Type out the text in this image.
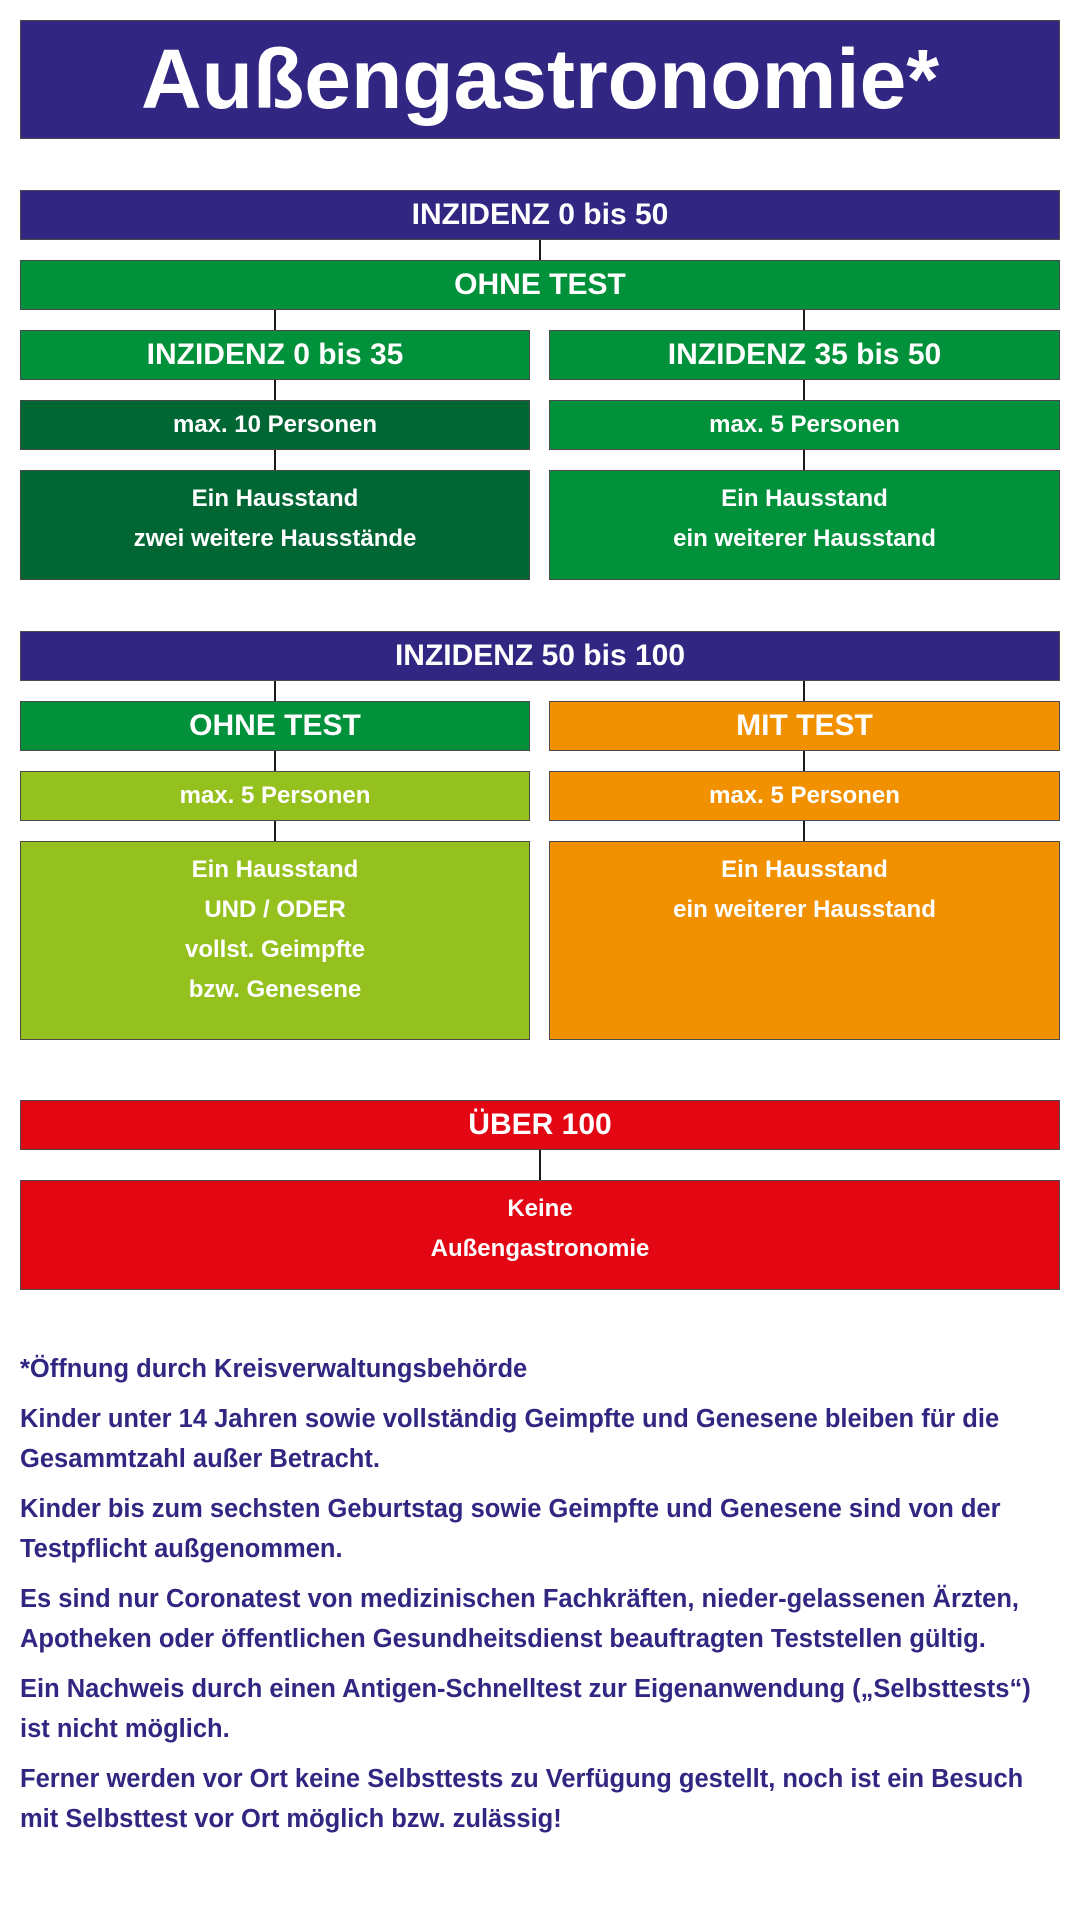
Außengastronomie*
INZIDENZ 0 bis 50
OHNE TEST
INZIDENZ 0 bis 35	INZIDENZ 35 bis 50
max. 10 Personen	max. 5 Personen
Ein Hausstand
zwei weitere Hausstände
Ein Hausstand
ein weiterer Hausstand
INZIDENZ 50 bis 100
OHNE TEST	MIT TEST
max. 5 Personen	max. 5 Personen
Ein Hausstand
UND / ODER
vollst. Geimpfte
bzw. Genesene
Ein Hausstand
ein weiterer Hausstand
ÜBER 100
Keine
Außengastronomie

*Öffnung durch Kreisverwaltungsbehörde

Kinder unter 14 Jahren sowie vollständig Geimpfte und Genesene bleiben für die Gesammtzahl außer Betracht.

Kinder bis zum sechsten Geburtstag sowie Geimpfte und Genesene sind von der Testpflicht außgenommen.

Es sind nur Coronatest von medizinischen Fachkräften, nieder-gelassenen Ärzten, Apotheken oder öffentlichen Gesundheitsdienst beauftragten Teststellen gültig.

Ein Nachweis durch einen Antigen-Schnelltest zur Eigenanwendung („Selbsttests“) ist nicht möglich.

Ferner werden vor Ort keine Selbsttests zu Verfügung gestellt, noch ist ein Besuch mit Selbsttest vor Ort möglich bzw. zulässig!
